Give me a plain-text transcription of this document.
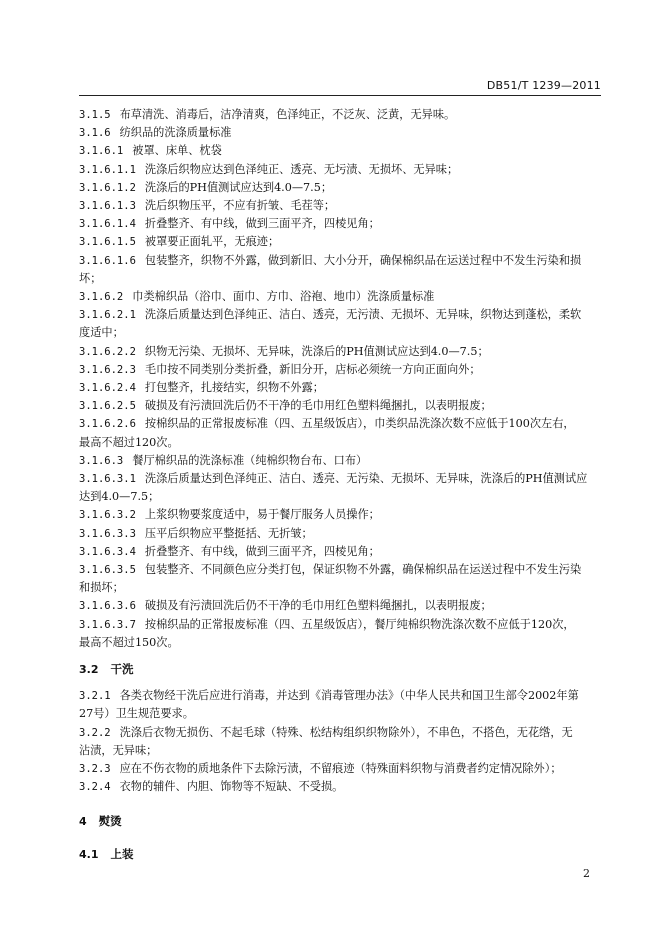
DB51/T 1239—2011
3.1.5 布草清洗、消毒后，洁净清爽，色泽纯正，不泛灰、泛黄，无异味。
3.1.6 纺织品的洗涤质量标准
3.1.6.1 被罩、床单、枕袋
3.1.6.1.1 洗涤后织物应达到色泽纯正、透亮、无圬渍、无损坏、无异味；
3.1.6.1.2 洗涤后的PH值测试应达到4.0—7.5；
3.1.6.1.3 洗后织物压平，不应有折皱、毛茬等；
3.1.6.1.4 折叠整齐、有中线，做到三面平齐，四棱见角；
3.1.6.1.5 被罩要正面轧平，无痕迹；
3.1.6.1.6 包装整齐，织物不外露，做到新旧、大小分开，确保棉织品在运送过程中不发生污染和损
坏；
3.1.6.2 巾类棉织品（浴巾、面巾、方巾、浴袍、地巾）洗涤质量标准
3.1.6.2.1 洗涤后质量达到色泽纯正、洁白、透亮，无污渍、无损坏、无异味，织物达到蓬松，柔软
度适中；
3.1.6.2.2 织物无污染、无损坏、无异味，洗涤后的PH值测试应达到4.0—7.5；
3.1.6.2.3 毛巾按不同类别分类折叠，新旧分开，店标必须统一方向正面向外；
3.1.6.2.4 打包整齐，扎接结实，织物不外露；
3.1.6.2.5 破损及有污渍回洗后仍不干净的毛巾用红色塑料绳捆扎，以表明报废；
3.1.6.2.6 按棉织品的正常报废标准（四、五星级饭店），巾类织品洗涤次数不应低于100次左右，
最高不超过120次。
3.1.6.3 餐厅棉织品的洗涤标准（纯棉织物台布、口布）
3.1.6.3.1 洗涤后质量达到色泽纯正、洁白、透亮、无污染、无损坏、无异味，洗涤后的PH值测试应
达到4.0—7.5；
3.1.6.3.2 上浆织物要浆度适中，易于餐厅服务人员操作；
3.1.6.3.3 压平后织物应平整挺括、无折皱；
3.1.6.3.4 折叠整齐、有中线，做到三面平齐，四棱见角；
3.1.6.3.5 包装整齐、不同颜色应分类打包，保证织物不外露，确保棉织品在运送过程中不发生污染
和损坏；
3.1.6.3.6 破损及有污渍回洗后仍不干净的毛巾用红色塑料绳捆扎，以表明报废；
3.1.6.3.7 按棉织品的正常报废标准（四、五星级饭店），餐厅纯棉织物洗涤次数不应低于120次，
最高不超过150次。
3.2 干洗
3.2.1 各类衣物经干洗后应进行消毒，并达到《消毒管理办法》（中华人民共和国卫生部令2002年第
27号）卫生规范要求。
3.2.2 洗涤后衣物无损伤、不起毛球（特殊、松结构组织织物除外），不串色，不搭色，无花绺，无
沾渍，无异味；
3.2.3 应在不伤衣物的质地条件下去除污渍，不留痕迹（特殊面料织物与消费者约定情况除外）；
3.2.4 衣物的辅件、内胆、饰物等不短缺、不受损。
4 熨烫
4.1 上装
2
